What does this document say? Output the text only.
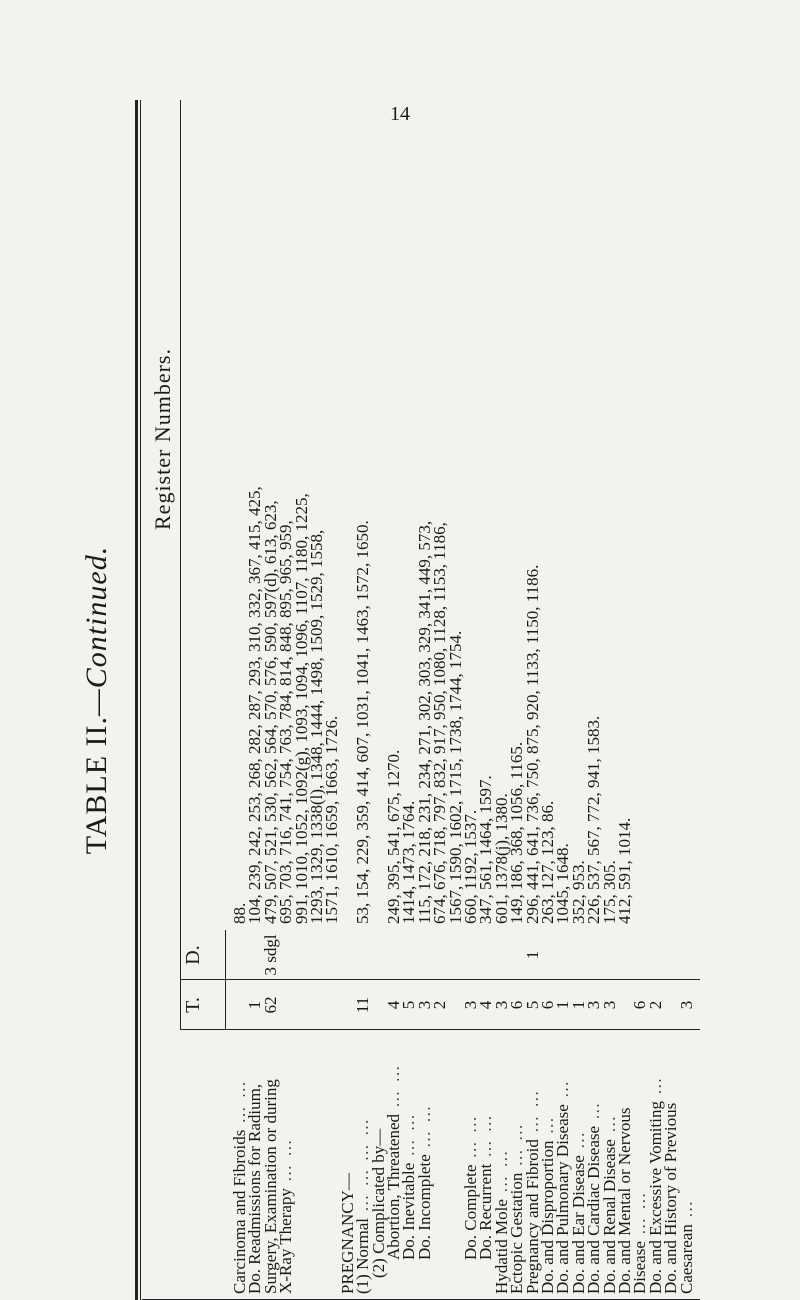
14
TABLE II.—Continued.
Register Numbers.
T.
D.
Carcinoma and Fibroids … …
88.
Do. Readmissions for Radium,
1
104, 239, 242, 253, 268, 282, 287, 293, 310, 332, 367, 415, 425,
Surgery, Examination or during
62
3 sdgl
479, 507, 521, 530, 562, 564, 570, 576, 590, 597(d), 613, 623,
X-Ray Therapy … …
695, 703, 716, 741, 754, 763, 784, 814, 848, 895, 965, 959,
991, 1010, 1052, 1092(g), 1093, 1094, 1096, 1107, 1180, 1225,
1293, 1329, 1338(l), 1348, 1444, 1498, 1509, 1529, 1558,
1571, 1610, 1659, 1663, 1726.
PREGNANCY—
(1) Normal … … … …
11
53, 154, 229, 359, 414, 607, 1031, 1041, 1463, 1572, 1650.
(2) Complicated by—
Abortion, Threatened … …
4
249, 395, 541, 675, 1270.
Do. Inevitable … …
5
1414, 1473, 1764.
Do. Incomplete … …
3
115, 172, 218, 231, 234, 271, 302, 303, 329, 341, 449, 573,
2
674, 676, 718, 797, 832, 917, 950, 1080, 1128, 1153, 1186,
1567, 1590, 1602, 1715, 1738, 1744, 1754.
Do. Complete … …
3
660, 1192, 1537.
Do. Recurrent … …
4
347, 561, 1464, 1597.
Hydatid Mole … …
3
601, 1378(j), 1380.
Ectopic Gestation … …
6
149, 186, 368, 1056, 1165.
Pregnancy and Fibroid … …
5
1
296, 441, 641, 736, 750, 875, 920, 1133, 1150, 1186.
Do. and Disproportion …
6
263, 127, 123, 86.
Do. and Pulmonary Disease …
1
1045, 1648.
Do. and Ear Disease …
1
352, 953.
Do. and Cardiac Disease …
3
226, 537, 567, 772, 941, 1583.
Do. and Renal Disease …
3
175, 305.
Do. and Mental or Nervous
412, 591, 1014.
Disease … …
6
Do. and Excessive Vomiting …
2
Do. and History of Previous
Caesarean …
3
